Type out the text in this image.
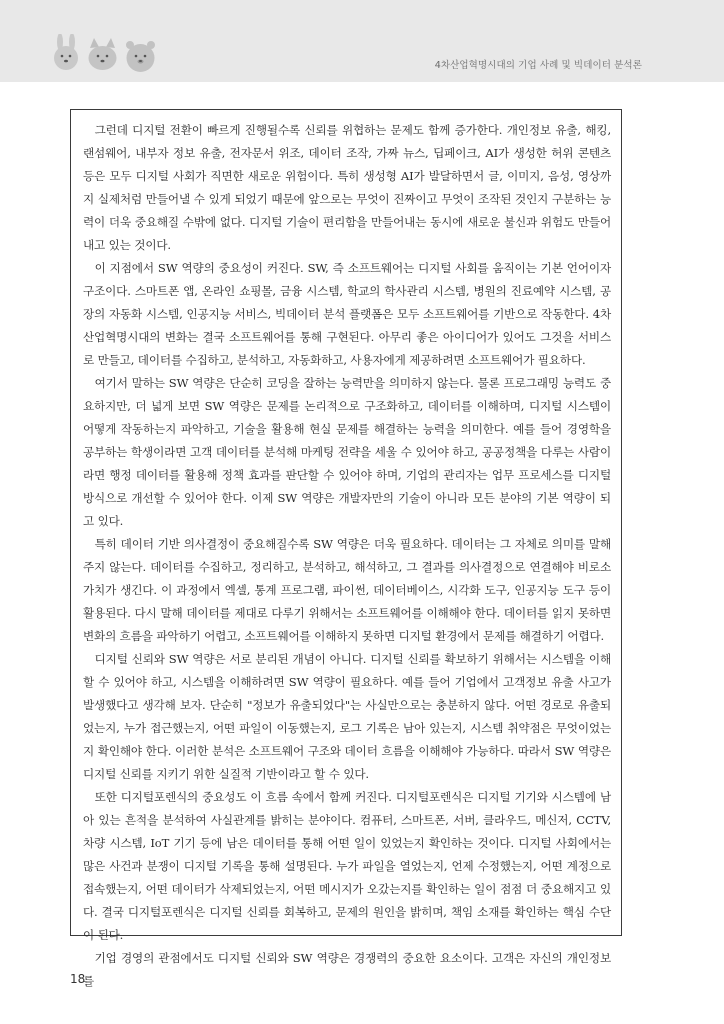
4차산업혁명시대의 기업 사례 및 빅데이터 분석론

그런데 디지털 전환이 빠르게 진행될수록 신뢰를 위협하는 문제도 함께 증가한다. 개인정보 유출, 해킹, 랜섬웨어, 내부자 정보 유출, 전자문서 위조, 데이터 조작, 가짜 뉴스, 딥페이크, AI가 생성한 허위 콘텐츠 등은 모두 디지털 사회가 직면한 새로운 위험이다. 특히 생성형 AI가 발달하면서 글, 이미지, 음성, 영상까지 실제처럼 만들어낼 수 있게 되었기 때문에 앞으로는 무엇이 진짜이고 무엇이 조작된 것인지 구분하는 능력이 더욱 중요해질 수밖에 없다. 디지털 기술이 편리함을 만들어내는 동시에 새로운 불신과 위험도 만들어내고 있는 것이다.

이 지점에서 SW 역량의 중요성이 커진다. SW, 즉 소프트웨어는 디지털 사회를 움직이는 기본 언어이자 구조이다. 스마트폰 앱, 온라인 쇼핑몰, 금융 시스템, 학교의 학사관리 시스템, 병원의 진료예약 시스템, 공장의 자동화 시스템, 인공지능 서비스, 빅데이터 분석 플랫폼은 모두 소프트웨어를 기반으로 작동한다. 4차산업혁명시대의 변화는 결국 소프트웨어를 통해 구현된다. 아무리 좋은 아이디어가 있어도 그것을 서비스로 만들고, 데이터를 수집하고, 분석하고, 자동화하고, 사용자에게 제공하려면 소프트웨어가 필요하다.

여기서 말하는 SW 역량은 단순히 코딩을 잘하는 능력만을 의미하지 않는다. 물론 프로그래밍 능력도 중요하지만, 더 넓게 보면 SW 역량은 문제를 논리적으로 구조화하고, 데이터를 이해하며, 디지털 시스템이 어떻게 작동하는지 파악하고, 기술을 활용해 현실 문제를 해결하는 능력을 의미한다. 예를 들어 경영학을 공부하는 학생이라면 고객 데이터를 분석해 마케팅 전략을 세울 수 있어야 하고, 공공정책을 다루는 사람이라면 행정 데이터를 활용해 정책 효과를 판단할 수 있어야 하며, 기업의 관리자는 업무 프로세스를 디지털 방식으로 개선할 수 있어야 한다. 이제 SW 역량은 개발자만의 기술이 아니라 모든 분야의 기본 역량이 되고 있다.

특히 데이터 기반 의사결정이 중요해질수록 SW 역량은 더욱 필요하다. 데이터는 그 자체로 의미를 말해주지 않는다. 데이터를 수집하고, 정리하고, 분석하고, 해석하고, 그 결과를 의사결정으로 연결해야 비로소 가치가 생긴다. 이 과정에서 엑셀, 통계 프로그램, 파이썬, 데이터베이스, 시각화 도구, 인공지능 도구 등이 활용된다. 다시 말해 데이터를 제대로 다루기 위해서는 소프트웨어를 이해해야 한다. 데이터를 읽지 못하면 변화의 흐름을 파악하기 어렵고, 소프트웨어를 이해하지 못하면 디지털 환경에서 문제를 해결하기 어렵다.

디지털 신뢰와 SW 역량은 서로 분리된 개념이 아니다. 디지털 신뢰를 확보하기 위해서는 시스템을 이해할 수 있어야 하고, 시스템을 이해하려면 SW 역량이 필요하다. 예를 들어 기업에서 고객정보 유출 사고가 발생했다고 생각해 보자. 단순히 "정보가 유출되었다"는 사실만으로는 충분하지 않다. 어떤 경로로 유출되었는지, 누가 접근했는지, 어떤 파일이 이동했는지, 로그 기록은 남아 있는지, 시스템 취약점은 무엇이었는지 확인해야 한다. 이러한 분석은 소프트웨어 구조와 데이터 흐름을 이해해야 가능하다. 따라서 SW 역량은 디지털 신뢰를 지키기 위한 실질적 기반이라고 할 수 있다.

또한 디지털포렌식의 중요성도 이 흐름 속에서 함께 커진다. 디지털포렌식은 디지털 기기와 시스템에 남아 있는 흔적을 분석하여 사실관계를 밝히는 분야이다. 컴퓨터, 스마트폰, 서버, 클라우드, 메신저, CCTV, 차량 시스템, IoT 기기 등에 남은 데이터를 통해 어떤 일이 있었는지 확인하는 것이다. 디지털 사회에서는 많은 사건과 분쟁이 디지털 기록을 통해 설명된다. 누가 파일을 열었는지, 언제 수정했는지, 어떤 계정으로 접속했는지, 어떤 데이터가 삭제되었는지, 어떤 메시지가 오갔는지를 확인하는 일이 점점 더 중요해지고 있다. 결국 디지털포렌식은 디지털 신뢰를 회복하고, 문제의 원인을 밝히며, 책임 소재를 확인하는 핵심 수단이 된다.

기업 경영의 관점에서도 디지털 신뢰와 SW 역량은 경쟁력의 중요한 요소이다. 고객은 자신의 개인정보를

18
